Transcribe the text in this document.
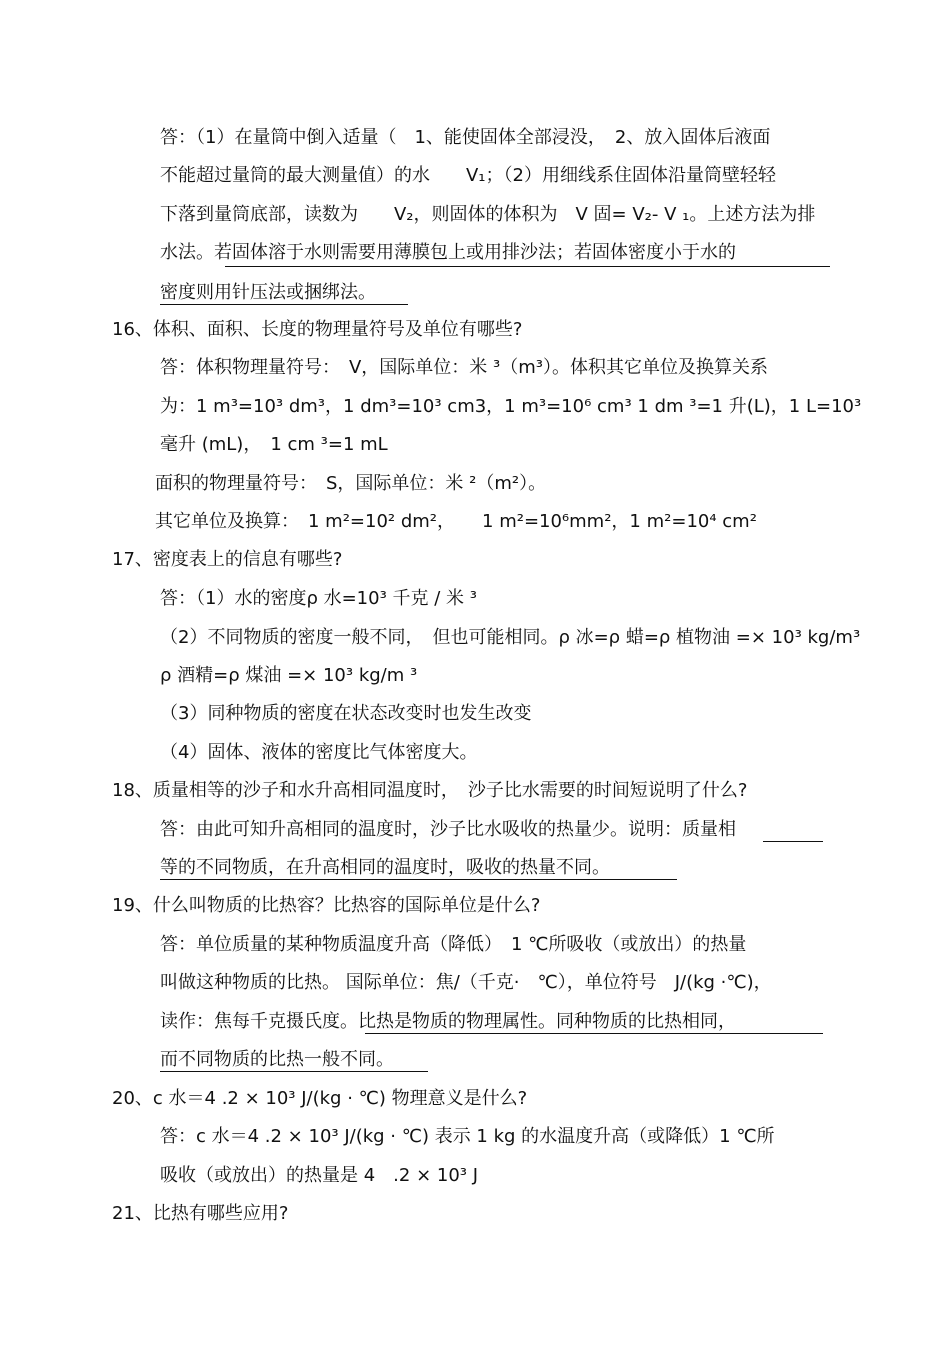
答：（1）在量筒中倒入适量（　1、能使固体全部浸没，　2、放入固体后液面
不能超过量筒的最大测量值）的水　　V₁；（2）用细线系住固体沿量筒壁轻轻
下落到量筒底部，读数为　　V₂，则固体的体积为　V 固= V₂- V ₁。上述方法为排
水法。若固体溶于水则需要用薄膜包上或用排沙法；若固体密度小于水的
密度则用针压法或捆绑法。
16、体积、面积、长度的物理量符号及单位有哪些?
答：体积物理量符号：　V，国际单位：米 ³（m³）。体积其它单位及换算关系
为：1 m³=10³ dm³，1 dm³=10³ cm3，1 m³=10⁶ cm³ 1 dm ³=1 升(L)，1 L=10³
毫升 (mL)，　1 cm ³=1 mL
面积的物理量符号：　S，国际单位：米 ²（m²）。
其它单位及换算：　1 m²=10² dm²，　　1 m²=10⁶mm²，1 m²=10⁴ cm²
17、密度表上的信息有哪些?
答：（1）水的密度ρ 水=10³ 千克 / 米 ³
（2）不同物质的密度一般不同，　但也可能相同。ρ 冰=ρ 蜡=ρ 植物油 =× 10³ kg/m³
ρ 酒精=ρ 煤油 =× 10³ kg/m ³
（3）同种物质的密度在状态改变时也发生改变
（4）固体、液体的密度比气体密度大。
18、质量相等的沙子和水升高相同温度时，　沙子比水需要的时间短说明了什么?
答：由此可知升高相同的温度时，沙子比水吸收的热量少。说明：质量相
等的不同物质，在升高相同的温度时，吸收的热量不同。
19、什么叫物质的比热容？比热容的国际单位是什么?
答：单位质量的某种物质温度升高（降低）　1 ℃所吸收（或放出）的热量
叫做这种物质的比热。 国际单位：焦/（千克·　℃），单位符号　J/(kg ·℃)，
读作：焦每千克摄氏度。比热是物质的物理属性。同种物质的比热相同，
而不同物质的比热一般不同。
20、c 水＝4 .2 × 10³ J/(kg · ℃) 物理意义是什么?
答：c 水＝4 .2 × 10³ J/(kg · ℃) 表示 1 kg 的水温度升高（或降低）1 ℃所
吸收（或放出）的热量是 4　.2 × 10³ J
21、比热有哪些应用?
